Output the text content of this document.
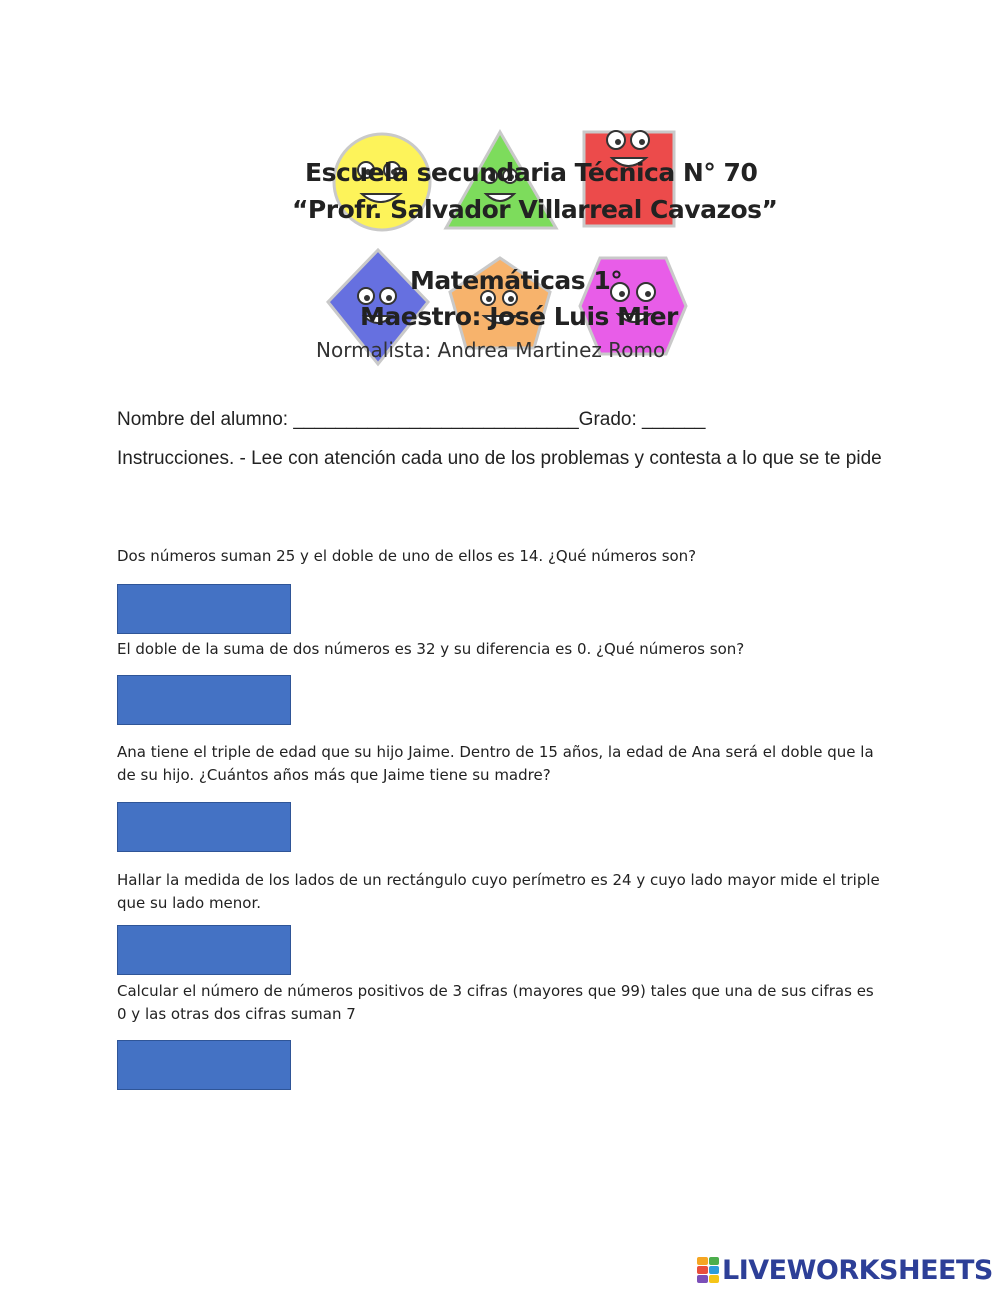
Escuela secundaria Técnica N° 70
“Profr. Salvador Villarreal Cavazos”
Matemáticas 1°
Maestro: José Luis Mier
Normalista: Andrea Martinez Romo
Nombre del alumno: ___________________________Grado: ______
Instrucciones. - Lee con atención cada uno de los problemas y contesta a lo que se te pide
Dos números suman 25 y el doble de uno de ellos es 14. ¿Qué números son?
El doble de la suma de dos números es 32 y su diferencia es 0. ¿Qué números son?
Ana tiene el triple de edad que su hijo Jaime. Dentro de 15 años, la edad de Ana será el doble que la de su hijo. ¿Cuántos años más que Jaime tiene su madre?
Hallar la medida de los lados de un rectángulo cuyo perímetro es 24 y cuyo lado mayor mide el triple que su lado menor.
Calcular el número de números positivos de 3 cifras (mayores que 99) tales que una de sus cifras es 0 y las otras dos cifras suman 7
LIVEWORKSHEETS
